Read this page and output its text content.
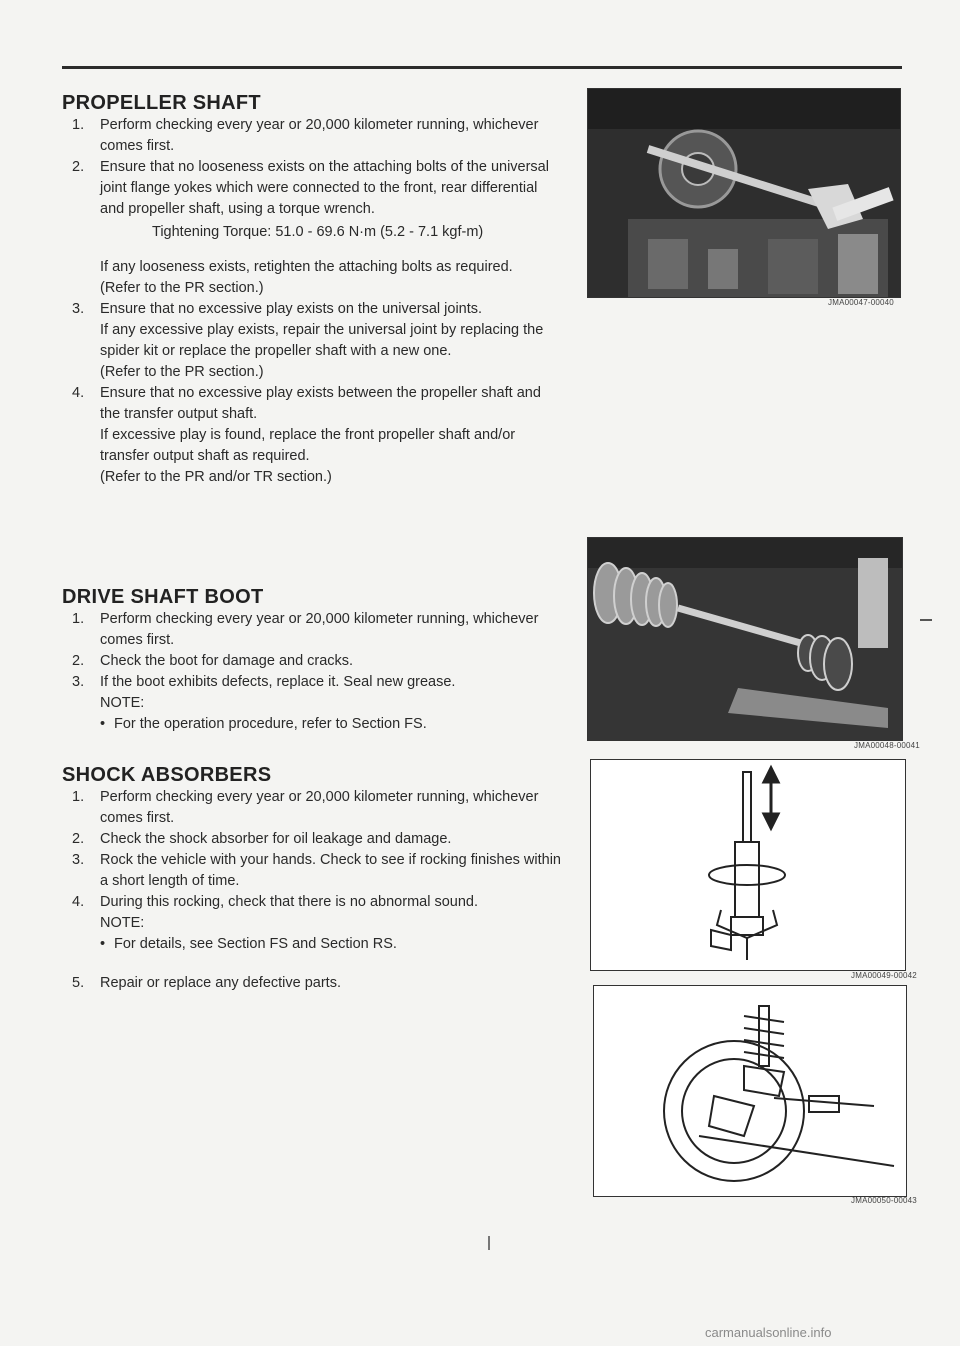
PROPELLER SHAFT
1. Perform checking every year or 20,000 kilometer running, whichever comes first.
2. Ensure that no looseness exists on the attaching bolts of the universal joint flange yokes which were connected to the front, rear differential and propeller shaft, using a torque wrench.
Tightening Torque: 51.0 - 69.6 N·m (5.2 - 7.1 kgf-m)

If any looseness exists, retighten the attaching bolts as required.

(Refer to the PR section.)

3. Ensure that no excessive play exists on the universal joints.

If any excessive play exists, repair the universal joint by replacing the spider kit or replace the propeller shaft with a new one.

(Refer to the PR section.)

4. Ensure that no excessive play exists between the propeller shaft and the transfer output shaft.

If excessive play is found, replace the front propeller shaft and/or transfer output shaft as required.

(Refer to the PR and/or TR section.)

DRIVE SHAFT BOOT
1. Perform checking every year or 20,000 kilometer running, whichever comes first.
2. Check the boot for damage and cracks.
3. If the boot exhibits defects, replace it. Seal new grease.

NOTE:

• For the operation procedure, refer to Section FS.

SHOCK ABSORBERS
1. Perform checking every year or 20,000 kilometer running, whichever comes first.
2. Check the shock absorber for oil leakage and damage.
3. Rock the vehicle with your hands. Check to see if rocking finishes within a short length of time.
4. During this rocking, check that there is no abnormal sound.

NOTE:

• For details, see Section FS and Section RS.

5. Repair or replace any defective parts.
JMA00047-00040
JMA00048-00041
JMA00049-00042
JMA00050-00043
carmanualsonline.info
